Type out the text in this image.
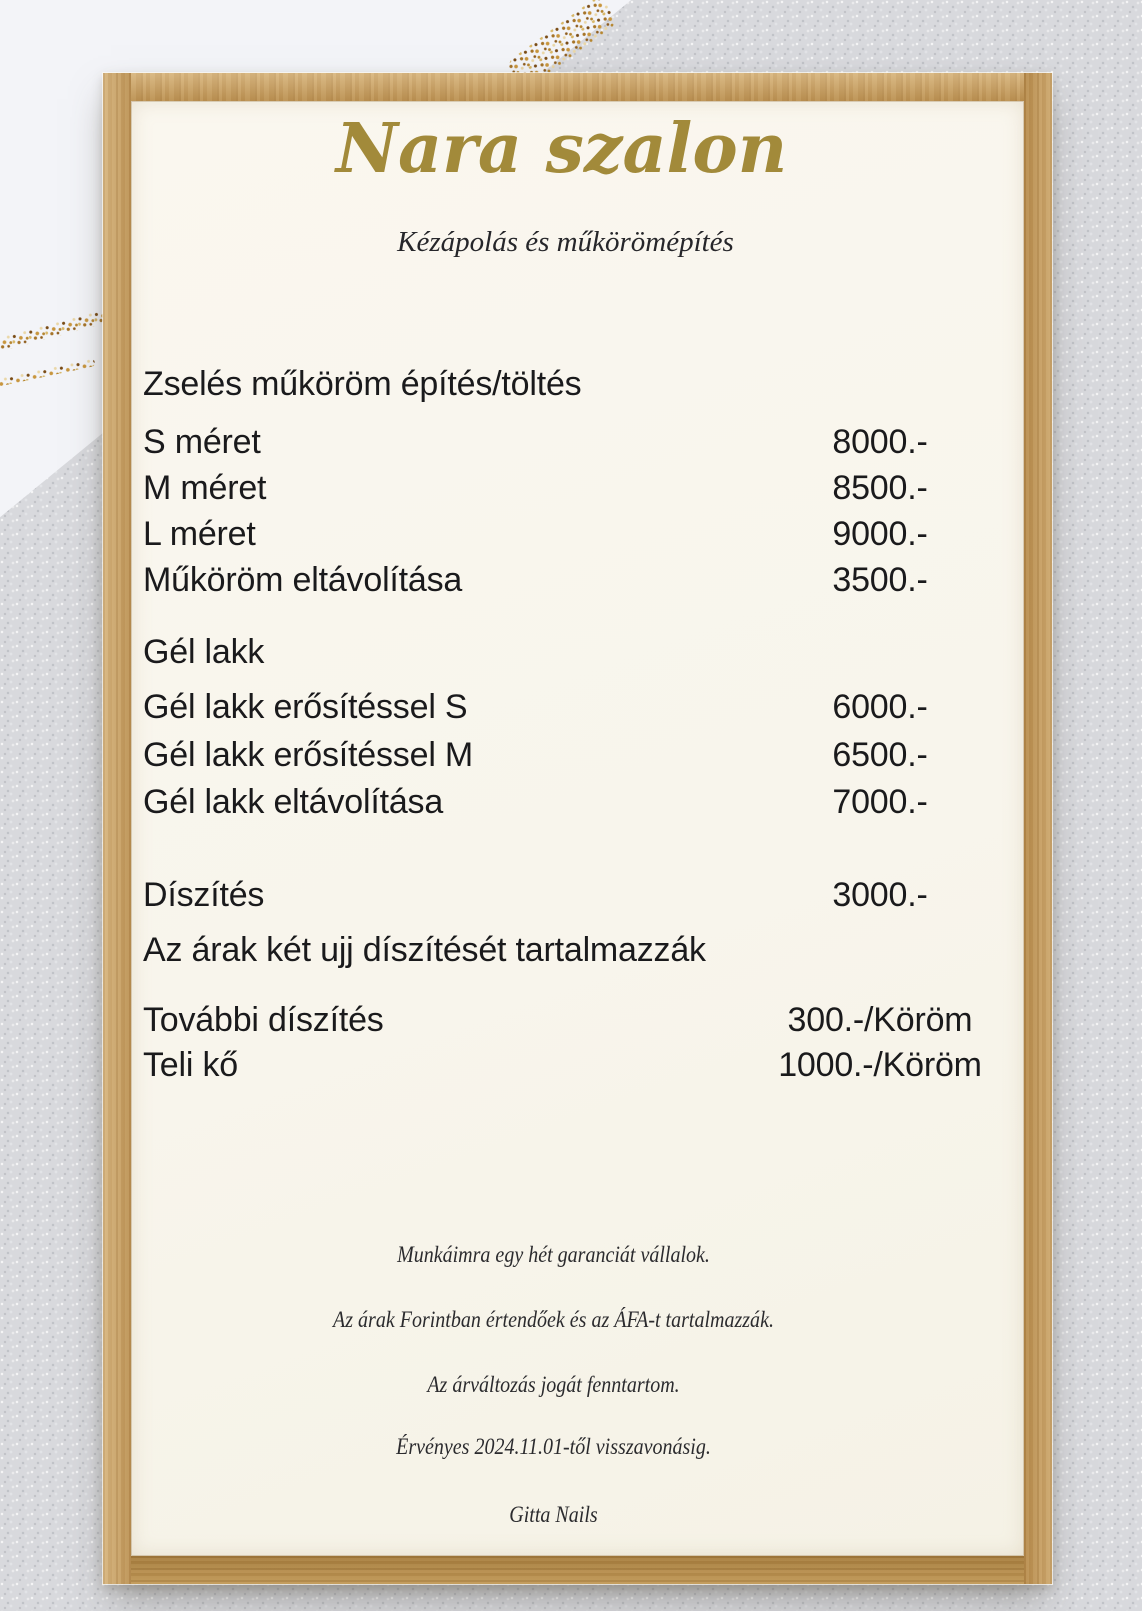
Nara szalon
Kézápolás és műkörömépítés
Zselés műköröm építés/töltés
S méret	8000.-
M méret	8500.-
L méret	9000.-
Műköröm eltávolítása	3500.-
Gél lakk
Gél lakk erősítéssel S	6000.-
Gél lakk erősítéssel M	6500.-
Gél lakk eltávolítása	7000.-
Díszítés	3000.-
Az árak két ujj díszítését tartalmazzák
További díszítés	300.-/Köröm
Teli kő	1000.-/Köröm
Munkáimra egy hét garanciát vállalok.
Az árak Forintban értendőek és az ÁFA-t tartalmazzák.
Az árváltozás jogát fenntartom.
Érvényes 2024.11.01-től visszavonásig.
Gitta Nails
